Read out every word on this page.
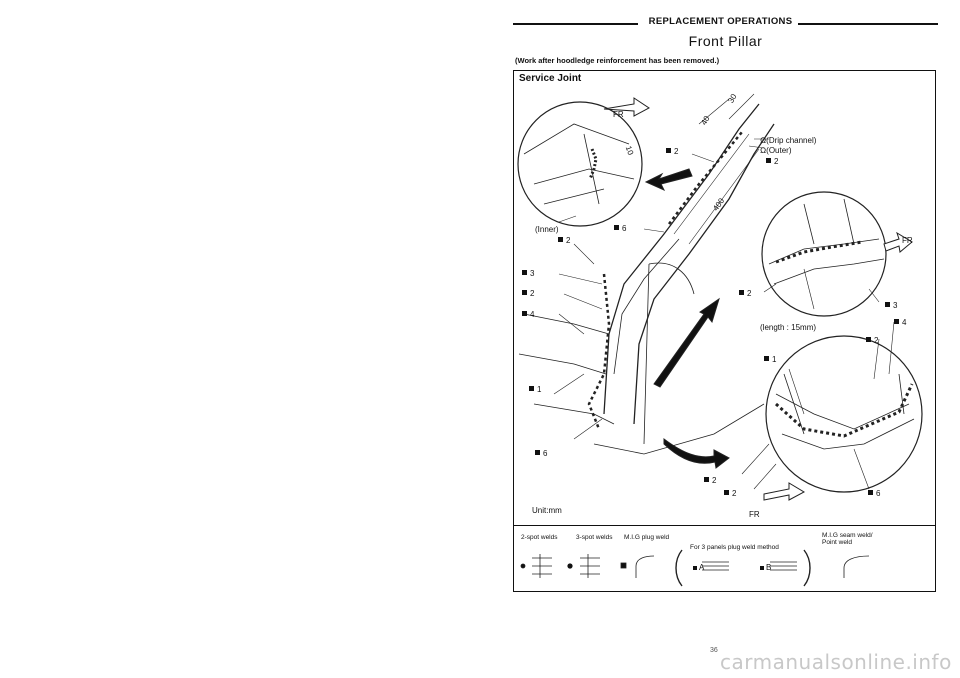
REPLACEMENT OPERATIONS
Front Pillar
(Work after hoodledge reinforcement has been removed.)
Service Joint
FR
30
40
10
400
Ω(Drip channel)
Ω(Outer)
(Inner)
FR
(length : 15mm)
FR
2
2
6
2
3
2
4
1
6
2
3
4
2
1
2
2	6
Unit:mm
2-spot welds	3-spot welds M.I.G plug weld
For 3 panels plug weld method
M.I.G seam weld/
Point weld
A	B
36 carmanualsonline.info
